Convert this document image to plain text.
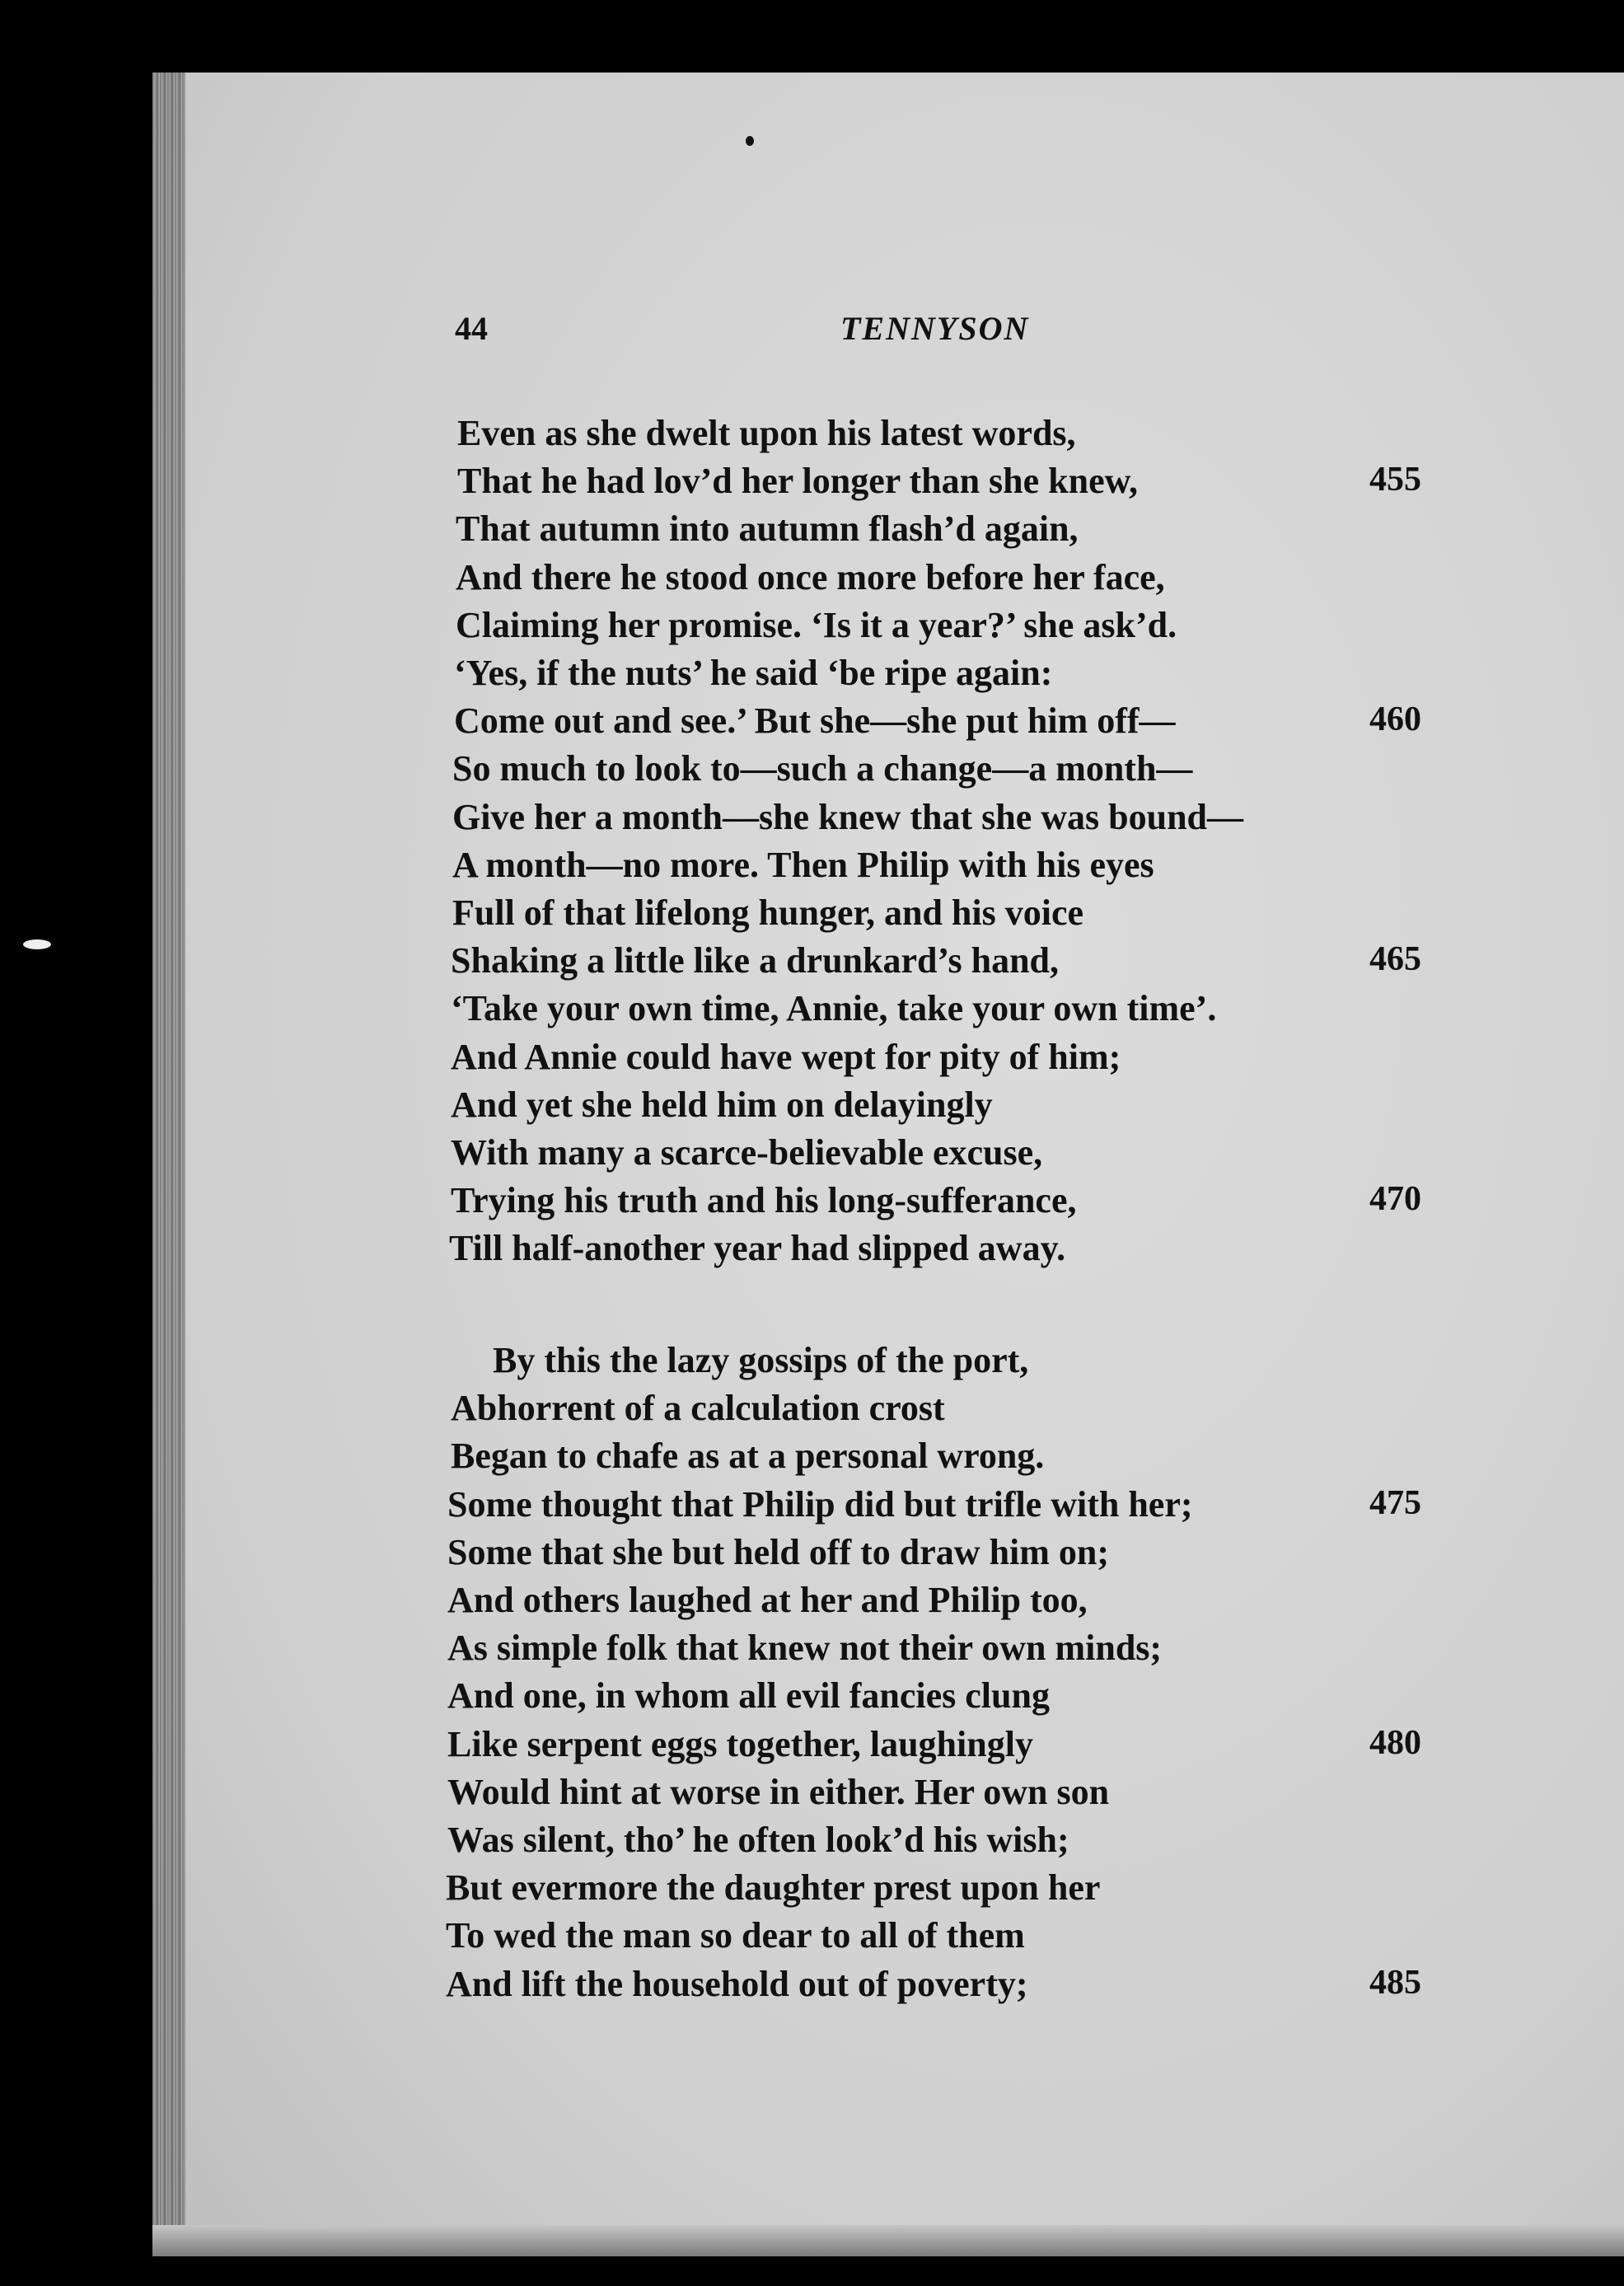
44	TENNYSON
Even as she dwelt upon his latest words,
That he had lov’d her longer than she knew,	455
That autumn into autumn flash’d again,
And there he stood once more before her face,
Claiming her promise. ‘Is it a year?’ she ask’d.
‘Yes, if the nuts’ he said ‘be ripe again:
Come out and see.’ But she—she put him off—	460
So much to look to—such a change—a month—
Give her a month—she knew that she was bound—
A month—no more. Then Philip with his eyes
Full of that lifelong hunger, and his voice
Shaking a little like a drunkard’s hand,	465
‘Take your own time, Annie, take your own time’.
And Annie could have wept for pity of him;
And yet she held him on delayingly
With many a scarce-believable excuse,
Trying his truth and his long-sufferance,	470
Till half-another year had slipped away.
By this the lazy gossips of the port,
Abhorrent of a calculation crost
Began to chafe as at a personal wrong.
Some thought that Philip did but trifle with her;	475
Some that she but held off to draw him on;
And others laughed at her and Philip too,
As simple folk that knew not their own minds;
And one, in whom all evil fancies clung
Like serpent eggs together, laughingly	480
Would hint at worse in either. Her own son
Was silent, tho’ he often look’d his wish;
But evermore the daughter prest upon her
To wed the man so dear to all of them
And lift the household out of poverty;	485
